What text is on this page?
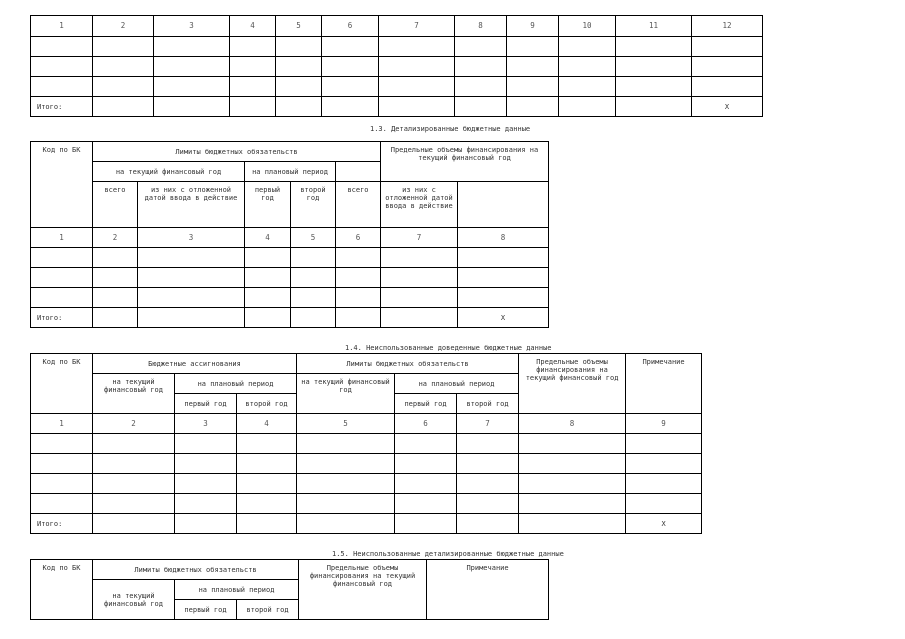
1	2	3	4	5	6	7	8	9	10	11	12

Итого:											X
1.3. Детализированные бюджетные данные
Код по БК	Лимиты бюджетных обязательств					Предельные объемы финансирования на текущий финансовый год	
	на текущий финансовый год		на плановый период					
	всего	из них с отложенной датой ввода в действие	первый год	второй год	всего	из них с отложенной датой ввода в действие		
1	2	3	4	5	6	7	8	

Итого:							X	
1.4. Неиспользованные доведенные бюджетные данные
Код по БК	Бюджетные ассигнования			Лимиты бюджетных обязательств			Предельные объемы финансирования на текущий финансовый год	Примечание
	на текущий финансовый год	на плановый период		на текущий финансовый год	на плановый период			
		первый год	второй год		первый год	второй год		
1	2	3	4	5	6	7	8	9

Итого:								X
1.5. Неиспользованные детализированные бюджетные данные
Код по БК	Лимиты бюджетных обязательств			Предельные объемы финансирования на текущий финансовый год	Примечание
	на текущий финансовый год	на плановый период			
		первый год	второй год		
